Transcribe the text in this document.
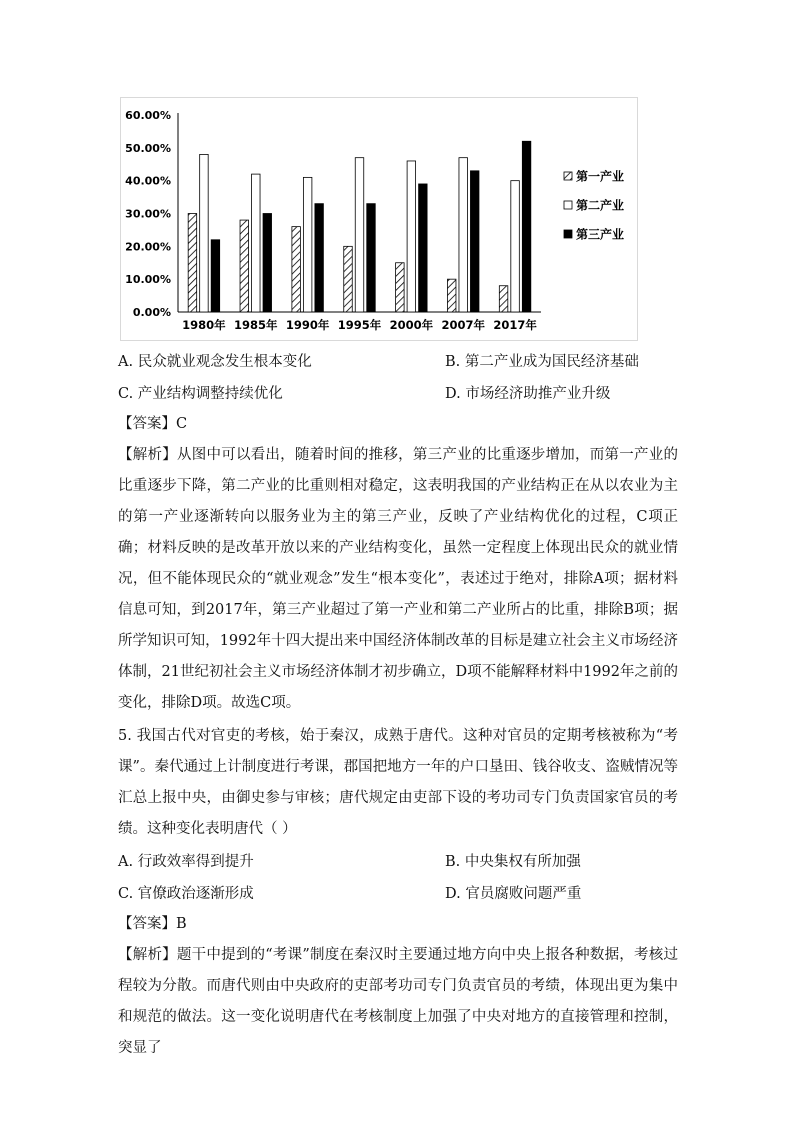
0.00%
10.00%
20.00%
30.00%
40.00%
50.00%
60.00%
1980年 1985年 1990年 1995年 2000年 2007年 2017年
第一产业
第二产业
第三产业
A. 民众就业观念发生根本变化	B. 第二产业成为国民经济基础
C. 产业结构调整持续优化	D. 市场经济助推产业升级
【答案】C
【解析】从图中可以看出，随着时间的推移，第三产业的比重逐步增加，而第一产业的比重逐步下降，第二产业的比重则相对稳定，这表明我国的产业结构正在从以农业为主的第一产业逐渐转向以服务业为主的第三产业，反映了产业结构优化的过程，C项正确；材料反映的是改革开放以来的产业结构变化，虽然一定程度上体现出民众的就业情况，但不能体现民众的“就业观念”发生“根本变化”，表述过于绝对，排除A项；据材料信息可知，到2017年，第三产业超过了第一产业和第二产业所占的比重，排除B项；据所学知识可知，1992年十四大提出来中国经济体制改革的目标是建立社会主义市场经济体制，21世纪初社会主义市场经济体制才初步确立，D项不能解释材料中1992年之前的变化，排除D项。故选C项。
5. 我国古代对官吏的考核，始于秦汉，成熟于唐代。这种对官员的定期考核被称为“考课”。秦代通过上计制度进行考课，郡国把地方一年的户口垦田、钱谷收支、盗贼情况等汇总上报中央，由御史参与审核；唐代规定由吏部下设的考功司专门负责国家官员的考绩。这种变化表明唐代（ ）
A. 行政效率得到提升	B. 中央集权有所加强
C. 官僚政治逐渐形成	D. 官员腐败问题严重
【答案】B
【解析】题干中提到的“考课”制度在秦汉时主要通过地方向中央上报各种数据，考核过程较为分散。而唐代则由中央政府的吏部考功司专门负责官员的考绩，体现出更为集中和规范的做法。这一变化说明唐代在考核制度上加强了中央对地方的直接管理和控制，突显了
